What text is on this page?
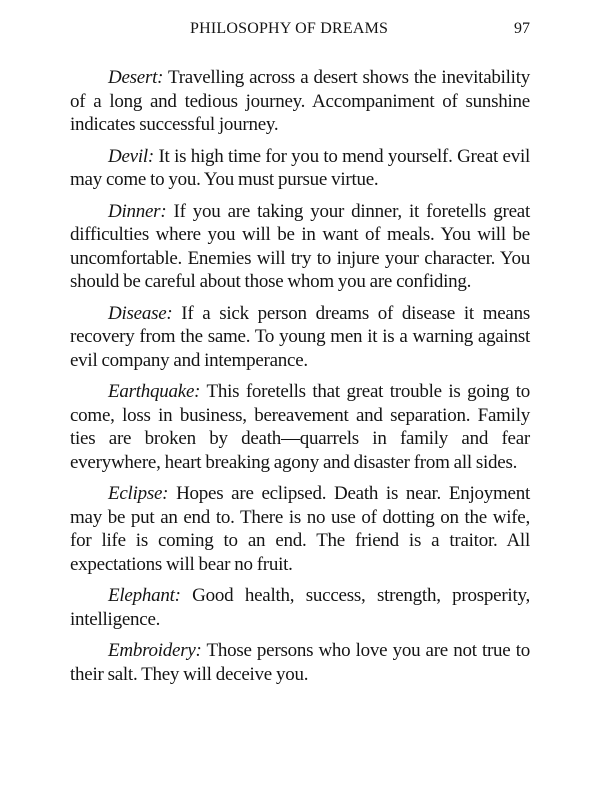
PHILOSOPHY OF DREAMS	97

Desert: Travelling across a desert shows the inevitability of a long and tedious journey. Accompaniment of sunshine indicates successful journey.

Devil: It is high time for you to mend yourself. Great evil may come to you. You must pursue virtue.

Dinner: If you are taking your dinner, it foretells great difficulties where you will be in want of meals. You will be uncomfortable. Enemies will try to injure your character. You should be careful about those whom you are confiding.

Disease: If a sick person dreams of disease it means recovery from the same. To young men it is a warning against evil company and intemperance.

Earthquake: This foretells that great trouble is going to come, loss in business, bereavement and separation. Family ties are broken by death—quarrels in family and fear everywhere, heart breaking agony and disaster from all sides.

Eclipse: Hopes are eclipsed. Death is near. Enjoyment may be put an end to. There is no use of dotting on the wife, for life is coming to an end. The friend is a traitor. All expectations will bear no fruit.

Elephant: Good health, success, strength, prosperity, intelligence.

Embroidery: Those persons who love you are not true to their salt. They will deceive you.
